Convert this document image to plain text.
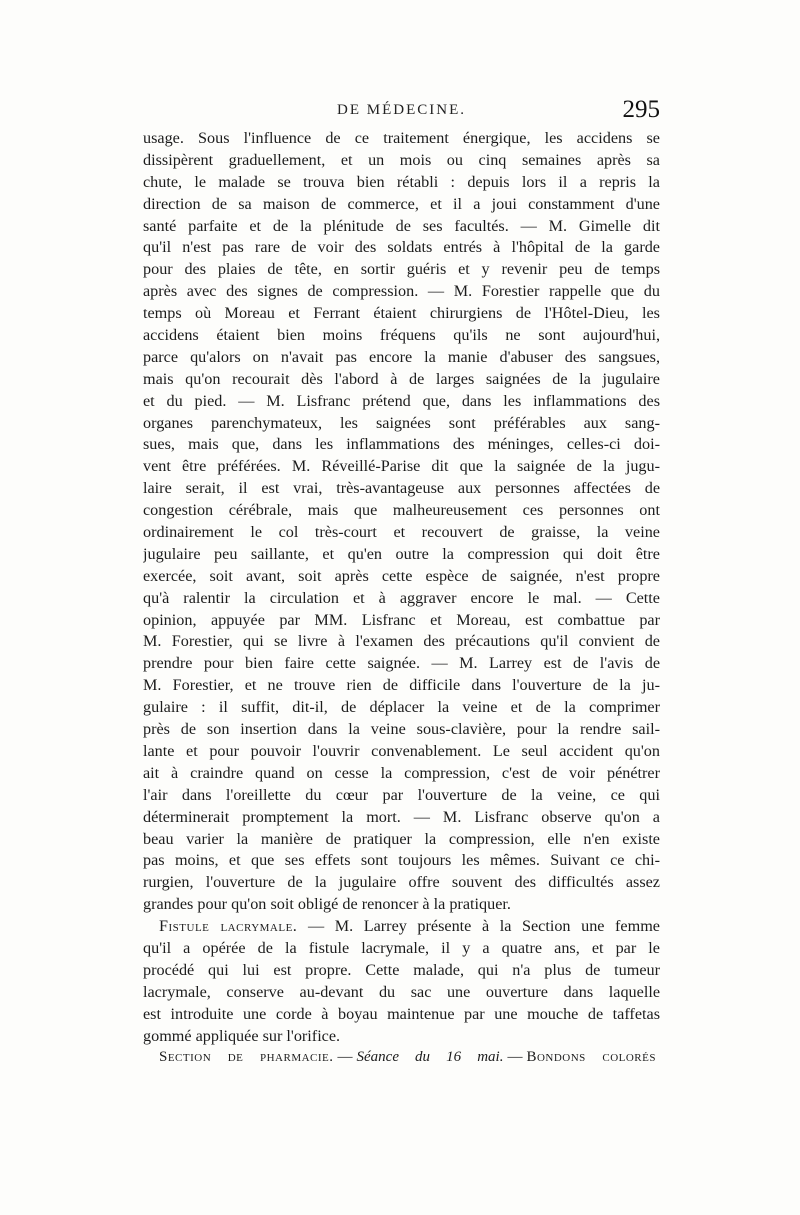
DE MÉDECINE.	295
usage. Sous l'influence de ce traitement énergique, les accidens se
dissipèrent graduellement, et un mois ou cinq semaines après sa
chute, le malade se trouva bien rétabli : depuis lors il a repris la
direction de sa maison de commerce, et il a joui constamment d'une
santé parfaite et de la plénitude de ses facultés. — M. Gimelle dit
qu'il n'est pas rare de voir des soldats entrés à l'hôpital de la garde
pour des plaies de tête, en sortir guéris et y revenir peu de temps
après avec des signes de compression. — M. Forestier rappelle que du
temps où Moreau et Ferrant étaient chirurgiens de l'Hôtel-Dieu, les
accidens étaient bien moins fréquens qu'ils ne sont aujourd'hui,
parce qu'alors on n'avait pas encore la manie d'abuser des sangsues,
mais qu'on recourait dès l'abord à de larges saignées de la jugulaire
et du pied. — M. Lisfranc prétend que, dans les inflammations des
organes parenchymateux, les saignées sont préférables aux sang-
sues, mais que, dans les inflammations des méninges, celles-ci doi-
vent être préférées. M. Réveillé-Parise dit que la saignée de la jugu-
laire serait, il est vrai, très-avantageuse aux personnes affectées de
congestion cérébrale, mais que malheureusement ces personnes ont
ordinairement le col très-court et recouvert de graisse, la veine
jugulaire peu saillante, et qu'en outre la compression qui doit être
exercée, soit avant, soit après cette espèce de saignée, n'est propre
qu'à ralentir la circulation et à aggraver encore le mal. — Cette
opinion, appuyée par MM. Lisfranc et Moreau, est combattue par
M. Forestier, qui se livre à l'examen des précautions qu'il convient de
prendre pour bien faire cette saignée. — M. Larrey est de l'avis de
M. Forestier, et ne trouve rien de difficile dans l'ouverture de la ju-
gulaire : il suffit, dit-il, de déplacer la veine et de la comprimer
près de son insertion dans la veine sous-clavière, pour la rendre sail-
lante et pour pouvoir l'ouvrir convenablement. Le seul accident qu'on
ait à craindre quand on cesse la compression, c'est de voir pénétrer
l'air dans l'oreillette du cœur par l'ouverture de la veine, ce qui
déterminerait promptement la mort. — M. Lisfranc observe qu'on a
beau varier la manière de pratiquer la compression, elle n'en existe
pas moins, et que ses effets sont toujours les mêmes. Suivant ce chi-
rurgien, l'ouverture de la jugulaire offre souvent des difficultés assez
grandes pour qu'on soit obligé de renoncer à la pratiquer.
Fistule lacrymale. — M. Larrey présente à la Section une femme
qu'il a opérée de la fistule lacrymale, il y a quatre ans, et par le
procédé qui lui est propre. Cette malade, qui n'a plus de tumeur
lacrymale, conserve au-devant du sac une ouverture dans laquelle
est introduite une corde à boyau maintenue par une mouche de taffetas
gommé appliquée sur l'orifice.
Section de pharmacie. — Séance du 16 mai. — Bondons colorés
